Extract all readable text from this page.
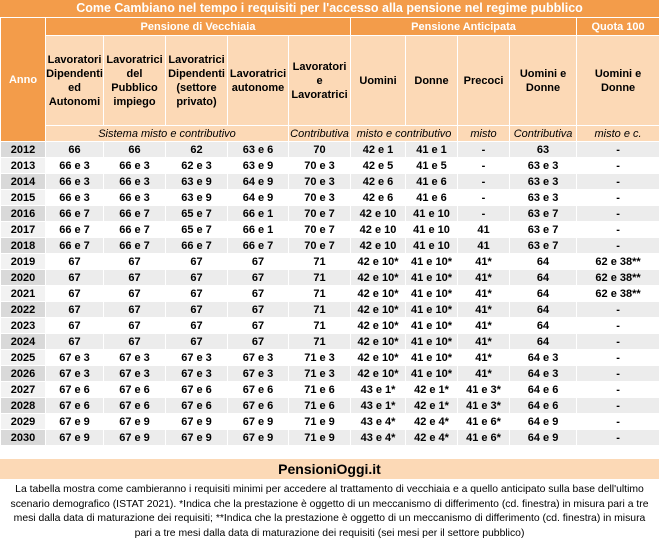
Come Cambiano nel tempo i requisiti per l'accesso alla pensione nel regime pubblico
Anno	Pensione di Vecchiaia					Pensione Anticipata				Quota 100
	Lavoratori Dipendenti ed Autonomi	Lavoratrici del Pubblico impiego	Lavoratrici Dipendenti (settore privato)	Lavoratrici autonome	Lavoratori e Lavoratrici	Uomini	Donne	Precoci	Uomini e Donne	Uomini e Donne
	Sistema misto e contributivo				Contributiva	misto e contributivo		misto	Contributiva	misto e c.
2012	66	66	62	63 e 6	70	42 e 1	41 e 1	-	63	-
2013	66 e 3	66 e 3	62 e 3	63 e 9	70 e 3	42 e 5	41 e 5	-	63 e 3	-
2014	66 e 3	66 e 3	63 e 9	64 e 9	70 e 3	42 e 6	41 e 6	-	63 e 3	-
2015	66 e 3	66 e 3	63 e 9	64 e 9	70 e 3	42 e 6	41 e 6	-	63 e 3	-
2016	66 e 7	66 e 7	65 e 7	66 e 1	70 e 7	42 e 10	41 e 10	-	63 e 7	-
2017	66 e 7	66 e 7	65 e 7	66 e 1	70 e 7	42 e 10	41 e 10	41	63 e 7	-
2018	66 e 7	66 e 7	66 e 7	66 e 7	70 e 7	42 e 10	41 e 10	41	63 e 7	-
2019	67	67	67	67	71	42 e 10*	41 e 10*	41*	64	62 e 38**
2020	67	67	67	67	71	42 e 10*	41 e 10*	41*	64	62 e 38**
2021	67	67	67	67	71	42 e 10*	41 e 10*	41*	64	62 e 38**
2022	67	67	67	67	71	42 e 10*	41 e 10*	41*	64	-
2023	67	67	67	67	71	42 e 10*	41 e 10*	41*	64	-
2024	67	67	67	67	71	42 e 10*	41 e 10*	41*	64	-
2025	67 e 3	67 e 3	67 e 3	67 e 3	71 e 3	42 e 10*	41 e 10*	41*	64 e 3	-
2026	67 e 3	67 e 3	67 e 3	67 e 3	71 e 3	42 e 10*	41 e 10*	41*	64 e 3	-
2027	67 e 6	67 e 6	67 e 6	67 e 6	71 e 6	43 e 1*	42 e 1*	41 e 3*	64 e 6	-
2028	67 e 6	67 e 6	67 e 6	67 e 6	71 e 6	43 e 1*	42 e 1*	41 e 3*	64 e 6	-
2029	67 e 9	67 e 9	67 e 9	67 e 9	71 e 9	43 e 4*	42 e 4*	41 e 6*	64 e 9	-
2030	67 e 9	67 e 9	67 e 9	67 e 9	71 e 9	43 e 4*	42 e 4*	41 e 6*	64 e 9	-
PensioniOggi.it
La tabella mostra come cambieranno i requisiti minimi per accedere al trattamento di vecchiaia e a quello anticipato sulla base dell'ultimo scenario demografico (ISTAT 2021). *Indica che la prestazione è oggetto di un meccanismo di differimento (cd. finestra) in misura pari a tre mesi dalla data di maturazione dei requisiti; **Indica che la prestazione è oggetto di un meccanismo di differimento (cd. finestra) in misura pari a tre mesi dalla data di maturazione dei requisiti (sei mesi per il settore pubblico)
